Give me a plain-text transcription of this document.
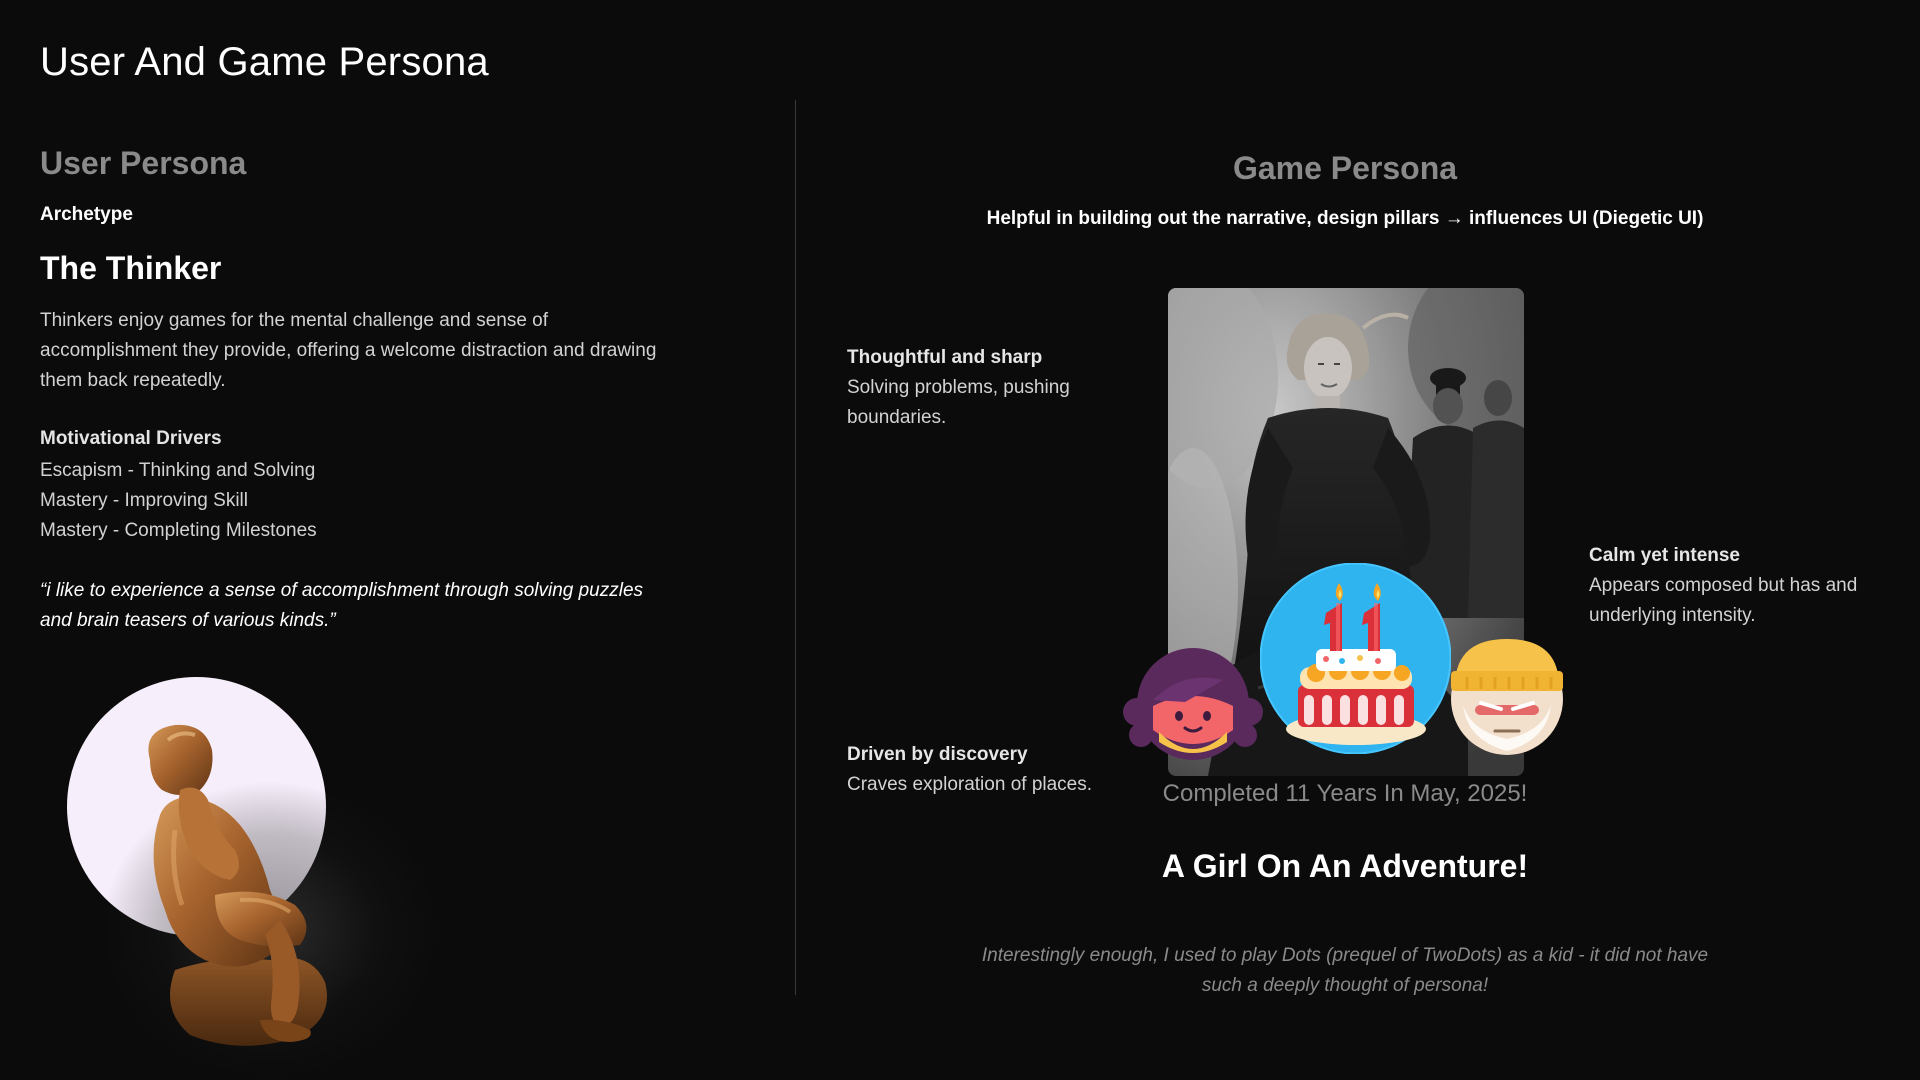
User And Game Persona
User Persona
Archetype
The Thinker

Thinkers enjoy games for the mental challenge and sense of accomplishment they provide, offering a welcome distraction and drawing them back repeatedly.

Motivational Drivers
Escapism - Thinking and Solving
Mastery - Improving Skill
Mastery - Completing Milestones

“i like to experience a sense of accomplishment through solving puzzles and brain teasers of various kinds.”

Game Persona
Helpful in building out the narrative, design pillars → influences UI (Diegetic UI)
Thoughtful and sharp
Solving problems, pushing boundaries.
Calm yet intense
Appears composed but has and underlying intensity.
Driven by discovery
Craves exploration of places.	Completed 11 Years In May, 2025!
A Girl On An Adventure!

Interestingly enough, I used to play Dots (prequel of TwoDots) as a kid - it did not have such a deeply thought of persona!
